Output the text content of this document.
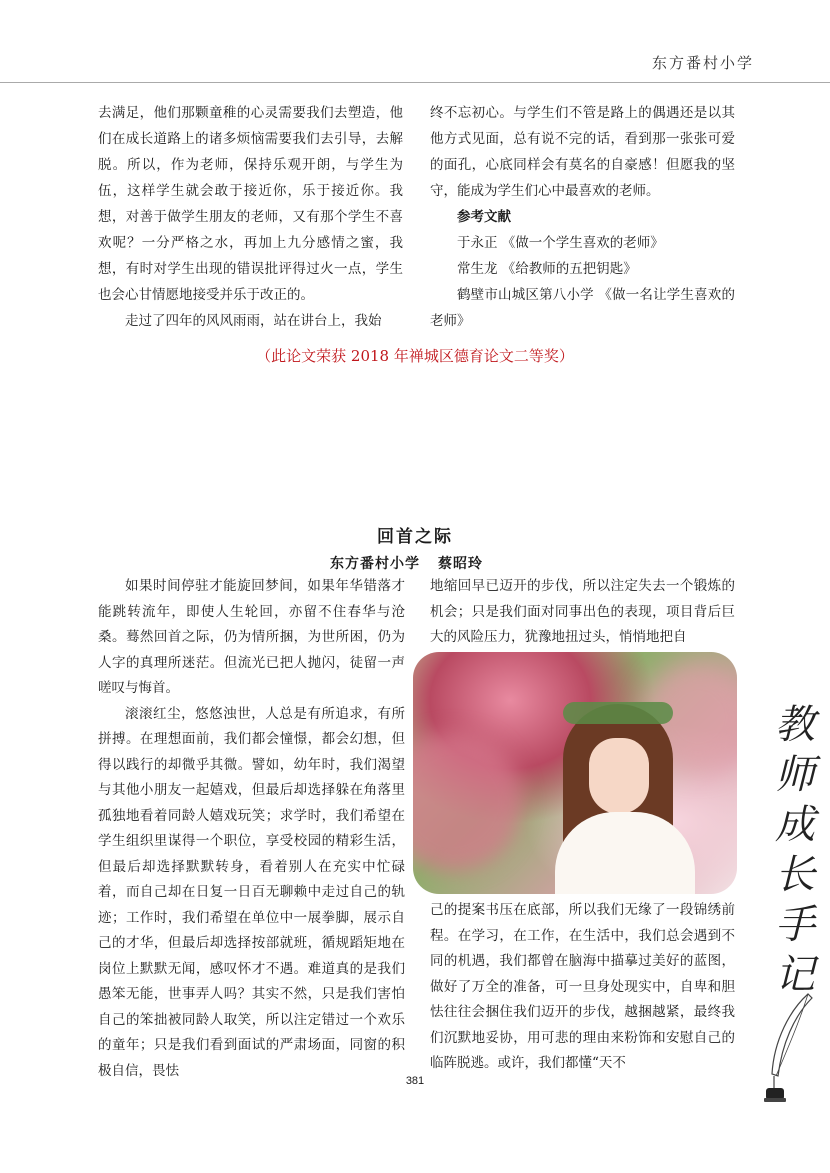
东方番村小学

去满足，他们那颗童稚的心灵需要我们去塑造，他们在成长道路上的诸多烦恼需要我们去引导，去解脱。所以，作为老师，保持乐观开朗，与学生为伍，这样学生就会敢于接近你，乐于接近你。我想，对善于做学生朋友的老师，又有那个学生不喜欢呢？一分严格之水，再加上九分感情之蜜，我想，有时对学生出现的错误批评得过火一点，学生也会心甘情愿地接受并乐于改正的。

走过了四年的风风雨雨，站在讲台上，我始

终不忘初心。与学生们不管是路上的偶遇还是以其他方式见面，总有说不完的话，看到那一张张可爱的面孔，心底同样会有莫名的自豪感！但愿我的坚守，能成为学生们心中最喜欢的老师。

参考文献

于永正 《做一个学生喜欢的老师》

常生龙 《给教师的五把钥匙》

鹤壁市山城区第八小学 《做一名让学生喜欢的老师》

（此论文荣获 2018 年禅城区德育论文二等奖）
回首之际
东方番村小学 蔡昭玲

如果时间停驻才能旋回梦间，如果年华错落才能跳转流年，即使人生轮回，亦留不住春华与沧桑。蓦然回首之际，仍为情所捆，为世所困，仍为人字的真理所迷茫。但流光已把人抛闪，徒留一声嗟叹与悔首。

滚滚红尘，悠悠浊世，人总是有所追求，有所拼搏。在理想面前，我们都会憧憬，都会幻想，但得以践行的却微乎其微。譬如，幼年时，我们渴望与其他小朋友一起嬉戏，但最后却选择躲在角落里孤独地看着同龄人嬉戏玩笑；求学时，我们希望在学生组织里谋得一个职位，享受校园的精彩生活，但最后却选择默默转身，看着别人在充实中忙碌着，而自己却在日复一日百无聊赖中走过自己的轨迹；工作时，我们希望在单位中一展拳脚，展示自己的才华，但最后却选择按部就班，循规蹈矩地在岗位上默默无闻，感叹怀才不遇。难道真的是我们愚笨无能，世事弄人吗？其实不然，只是我们害怕自己的笨拙被同龄人取笑，所以注定错过一个欢乐的童年；只是我们看到面试的严肃场面，同窗的积极自信，畏怯

地缩回早已迈开的步伐，所以注定失去一个锻炼的机会；只是我们面对同事出色的表现，项目背后巨大的风险压力，犹豫地扭过头，悄悄地把自

己的提案书压在底部，所以我们无缘了一段锦绣前程。在学习，在工作，在生活中，我们总会遇到不同的机遇，我们都曾在脑海中描摹过美好的蓝图，做好了万全的准备，可一旦身处现实中，自卑和胆怯往往会捆住我们迈开的步伐，越捆越紧，最终我们沉默地妥协，用可悲的理由来粉饰和安慰自己的临阵脱逃。或许，我们都懂“天不

教
师
成
长
手
记
381
